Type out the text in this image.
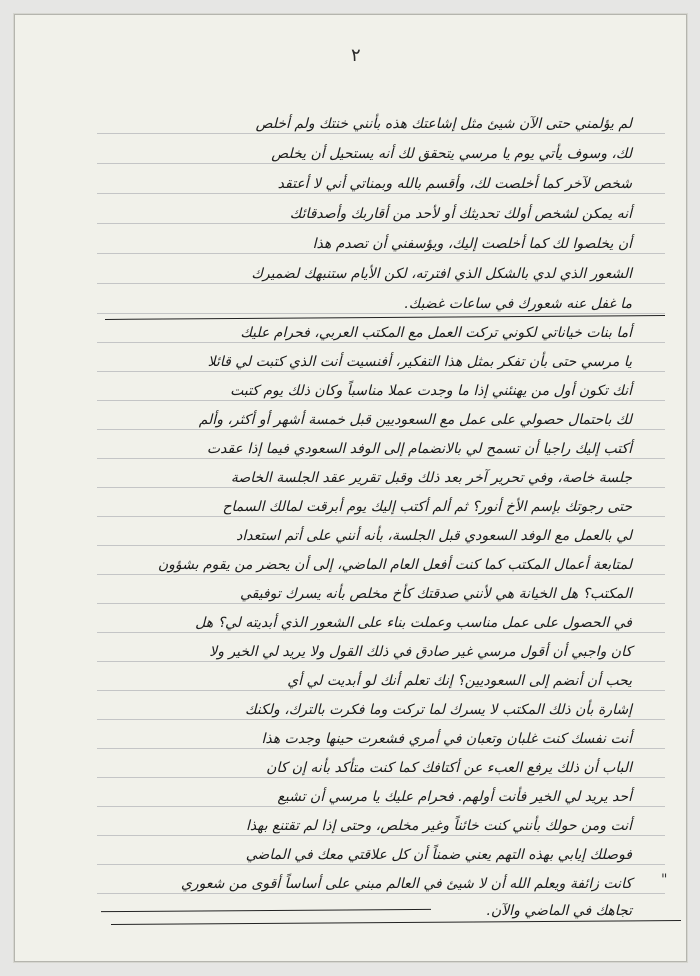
٢
لم يؤلمني حتى الآن شيئ مثل إشاعتك هذه بأنني خنتك ولم أخلص
لك، وسوف يأتي يوم يا مرسي يتحقق لك أنه يستحيل أن يخلص
شخص لآخر كما أخلصت لك، وأقسم بالله وبمناتي أني لا أعتقد
أنه يمكن لشخص أولك تحديثك أو لأحد من أقاربك وأصدقائك
أن يخلصوا لك كما أخلصت إليك، ويؤسفني أن تصدم هذا
الشعور الذي لدي بالشكل الذي افترته، لكن الأيام ستنبهك لضميرك
ما غفل عنه شعورك في ساعات غضبك.
أما بنات خياناتي لكوني تركت العمل مع المكتب العربي، فحرام عليك
يا مرسي حتى بأن تفكر بمثل هذا التفكير، أفنسيت أنت الذي كتبت لي قائلا
أنك تكون أول من يهنئني إذا ما وجدت عملا مناسباً وكان ذلك يوم كتبت
لك باحتمال حصولي على عمل مع السعوديين قبل خمسة أشهر أو أكثر، وألم
أكتب إليك راجيا أن تسمح لي بالانضمام إلى الوفد السعودي فيما إذا عقدت
جلسة خاصة، وفي تحرير آخر بعد ذلك وقبل تقرير عقد الجلسة الخاصة
حتى رجوتك بإسم الأخ أنور؟ ثم ألم أكتب إليك يوم أبرقت لمالك السماح
لي بالعمل مع الوفد السعودي قبل الجلسة، بأنه أنني على أتم استعداد
لمتابعة أعمال المكتب كما كنت أفعل العام الماضي، إلى أن يحضر من يقوم بشؤون
المكتب؟ هل الخيانة هي لأنني صدقتك كأخ مخلص بأنه يسرك توفيقي
في الحصول على عمل مناسب وعملت بناء على الشعور الذي أبديته لي؟ هل
كان واجبي أن أقول مرسي غير صادق في ذلك القول ولا يريد لي الخير ولا
يحب أن أنضم إلى السعوديين؟ إنك تعلم أنك لو أبديت لي أي
إشارة بأن ذلك المكتب لا يسرك لما تركت وما فكرت بالترك، ولكنك
أنت نفسك كنت غلبان وتعبان في أمري فشعرت حينها وجدت هذا
الباب أن ذلك يرفع العبء عن أكتافك كما كنت متأكد بأنه إن كان
أحد يريد لي الخير فأنت أولهم. فحرام عليك يا مرسي أن تشيع
أنت ومن حولك بأنني كنت خائناً وغير مخلص، وحتى إذا لم تقتنع بهذا
فوصلك إيابي بهذه التهم يعني ضمناً أن كل علاقتي معك في الماضي
كانت زائفة ويعلم الله أن لا شيئ في العالم مبني على أساساً أقوى من شعوري
تجاهك في الماضي والآن.
"
